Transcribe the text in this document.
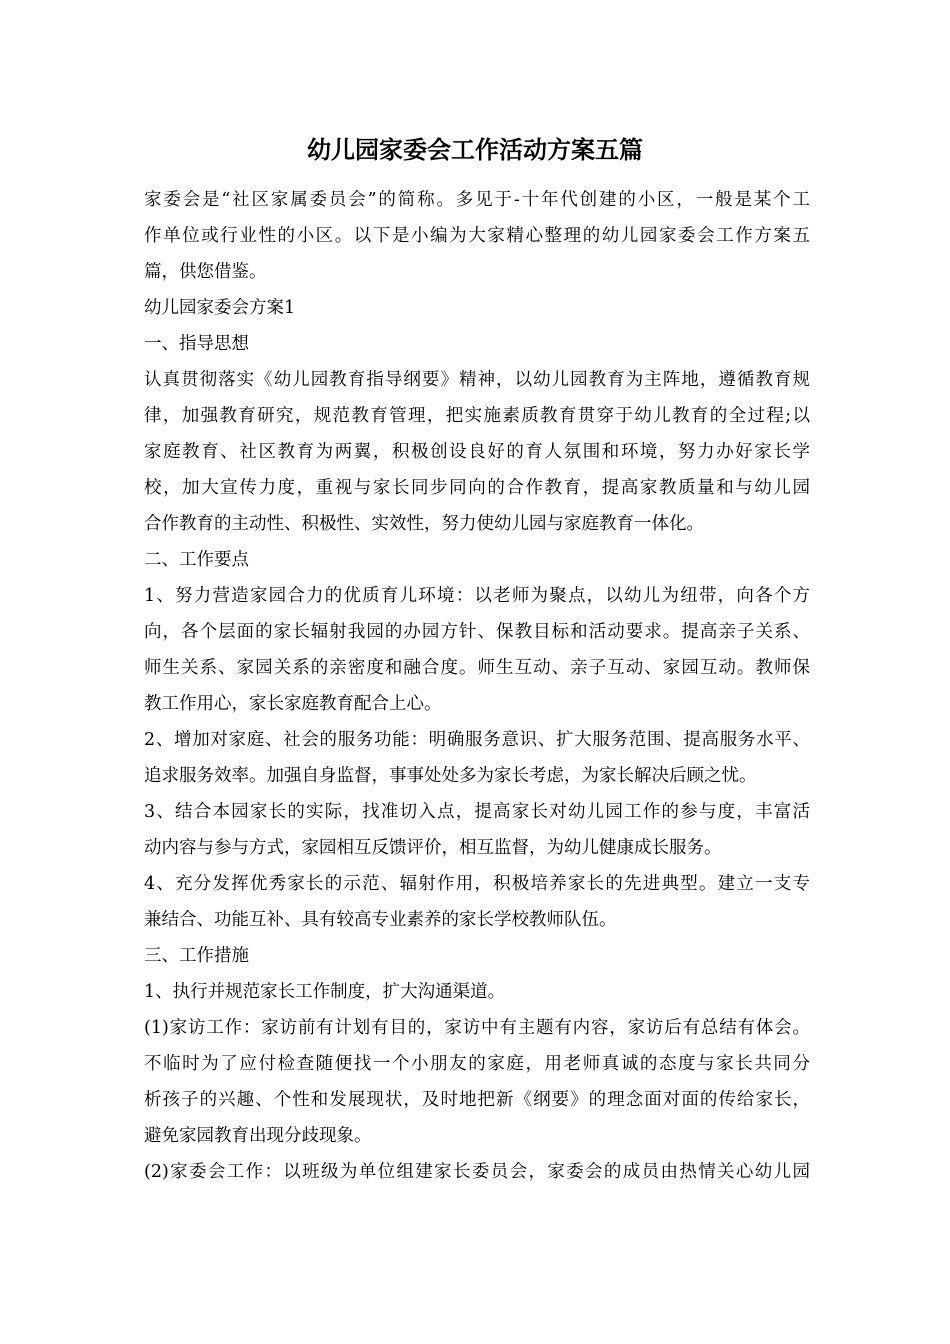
幼儿园家委会工作活动方案五篇
家委会是“社区家属委员会”的简称。多见于-十年代创建的小区，一般是某个工
作单位或行业性的小区。以下是小编为大家精心整理的幼儿园家委会工作方案五
篇，供您借鉴。
幼儿园家委会方案1
一、指导思想
认真贯彻落实《幼儿园教育指导纲要》精神，以幼儿园教育为主阵地，遵循教育规
律，加强教育研究，规范教育管理，把实施素质教育贯穿于幼儿教育的全过程;以
家庭教育、社区教育为两翼，积极创设良好的育人氛围和环境，努力办好家长学
校，加大宣传力度，重视与家长同步同向的合作教育，提高家教质量和与幼儿园
合作教育的主动性、积极性、实效性，努力使幼儿园与家庭教育一体化。
二、工作要点
1、努力营造家园合力的优质育儿环境：以老师为聚点，以幼儿为纽带，向各个方
向，各个层面的家长辐射我园的办园方针、保教目标和活动要求。提高亲子关系、
师生关系、家园关系的亲密度和融合度。师生互动、亲子互动、家园互动。教师保
教工作用心，家长家庭教育配合上心。
2、增加对家庭、社会的服务功能：明确服务意识、扩大服务范围、提高服务水平、
追求服务效率。加强自身监督，事事处处多为家长考虑，为家长解决后顾之忧。
3、结合本园家长的实际，找准切入点，提高家长对幼儿园工作的参与度，丰富活
动内容与参与方式，家园相互反馈评价，相互监督，为幼儿健康成长服务。
4、充分发挥优秀家长的示范、辐射作用，积极培养家长的先进典型。建立一支专
兼结合、功能互补、具有较高专业素养的家长学校教师队伍。
三、工作措施
1、执行并规范家长工作制度，扩大沟通渠道。
(1)家访工作：家访前有计划有目的，家访中有主题有内容，家访后有总结有体会。
不临时为了应付检查随便找一个小朋友的家庭，用老师真诚的态度与家长共同分
析孩子的兴趣、个性和发展现状，及时地把新《纲要》的理念面对面的传给家长，
避免家园教育出现分歧现象。
(2)家委会工作：以班级为单位组建家长委员会，家委会的成员由热情关心幼儿园
